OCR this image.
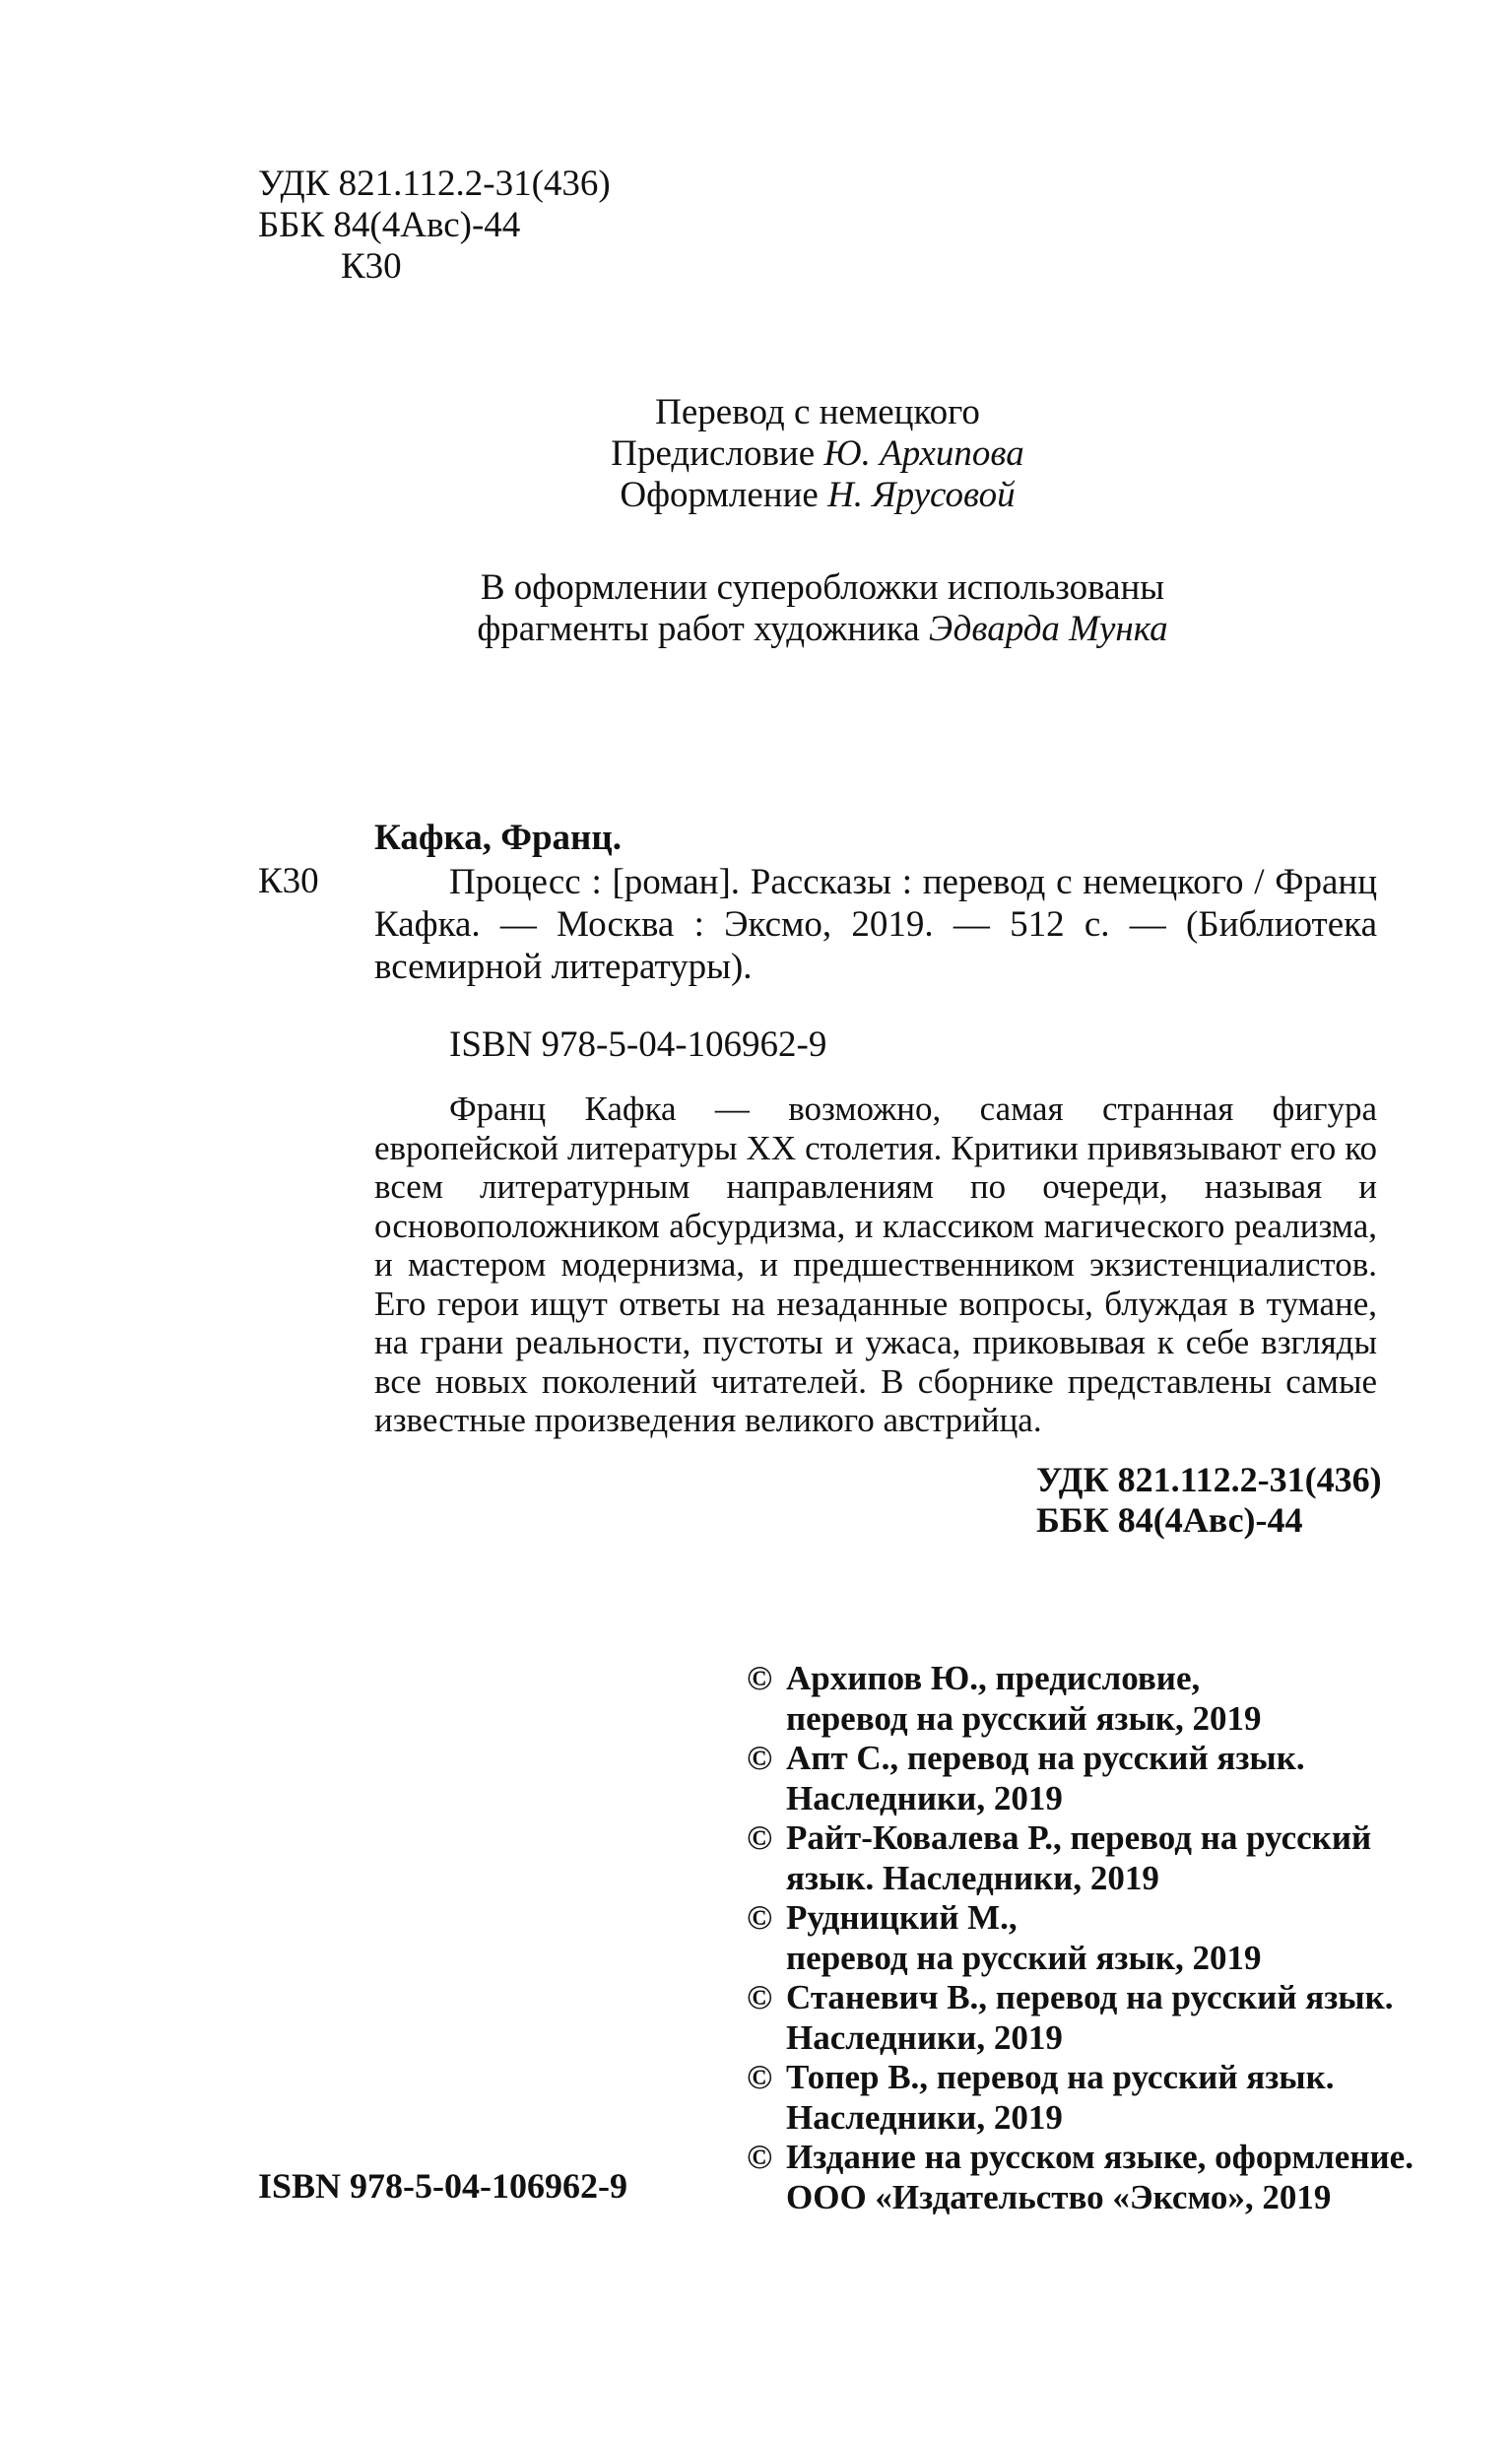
УДК 821.112.2-31(436)
ББК 84(4Авс)-44
К30
Перевод с немецкого
Предисловие Ю. Архипова
Оформление Н. Ярусовой
В оформлении суперобложки использованы
фрагменты работ художника Эдварда Мунка
Кафка, Франц.
К30	Процесс : [роман]. Рассказы : перевод с немецкого / Франц Кафка. — Москва : Эксмо, 2019. — 512 с. — (Библиотека всемирной литературы).
ISBN 978-5-04-106962-9
Франц Кафка — возможно, самая странная фигура европейской литературы XX столетия. Критики привязывают его ко всем литературным направлениям по очереди, называя и основоположником абсурдизма, и классиком магического реализма, и мастером модернизма, и предшественником экзистенциалистов. Его герои ищут ответы на незаданные вопросы, блуждая в тумане, на грани реальности, пустоты и ужаса, приковывая к себе взгляды все новых поколений читателей. В сборнике представлены самые известные произведения великого австрийца.
УДК 821.112.2-31(436)
ББК 84(4Авс)-44
© Архипов Ю., предисловие,
перевод на русский язык, 2019
© Апт С., перевод на русский язык.
Наследники, 2019
© Райт-Ковалева Р., перевод на русский
язык. Наследники, 2019
© Рудницкий М.,
перевод на русский язык, 2019
© Станевич В., перевод на русский язык.
Наследники, 2019
© Топер В., перевод на русский язык.
Наследники, 2019
© Издание на русском языке, оформление.
ООО «Издательство «Эксмо», 2019
ISBN 978-5-04-106962-9
